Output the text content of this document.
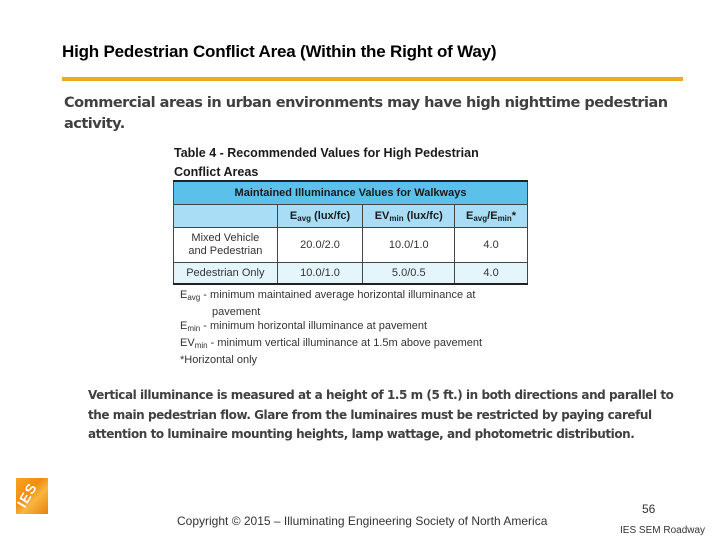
High Pedestrian Conflict Area (Within the Right of Way)
Commercial areas in urban environments may have high nighttime pedestrian activity.
Table 4 - Recommended Values for High Pedestrian
Conflict Areas
Maintained Illuminance Values for Walkways			
	$E_{avg}$ (lux/fc)	$EV_{min}$ (lux/fc)	$E_{avg}/E_{min}*$

Mixed Vehicle
and Pedestrian	20.0/2.0	10.0/1.0	4.0
Pedestrian Only	10.0/1.0	5.0/0.5	4.0
$E_{avg}$ - minimum maintained average horizontal illuminance at
pavement
$E_{min}$ - minimum horizontal illuminance at pavement
$EV_{min}$ - minimum vertical illuminance at 1.5m above pavement
*Horizontal only
Vertical illuminance is measured at a height of 1.5 m (5 ft.) in both directions and parallel to the main pedestrian flow. Glare from the luminaires must be restricted by paying careful attention to luminaire mounting heights, lamp wattage, and photometric distribution.
IES
Copyright © 2015 – Illuminating Engineering Society of North America
56
IES SEM Roadway
